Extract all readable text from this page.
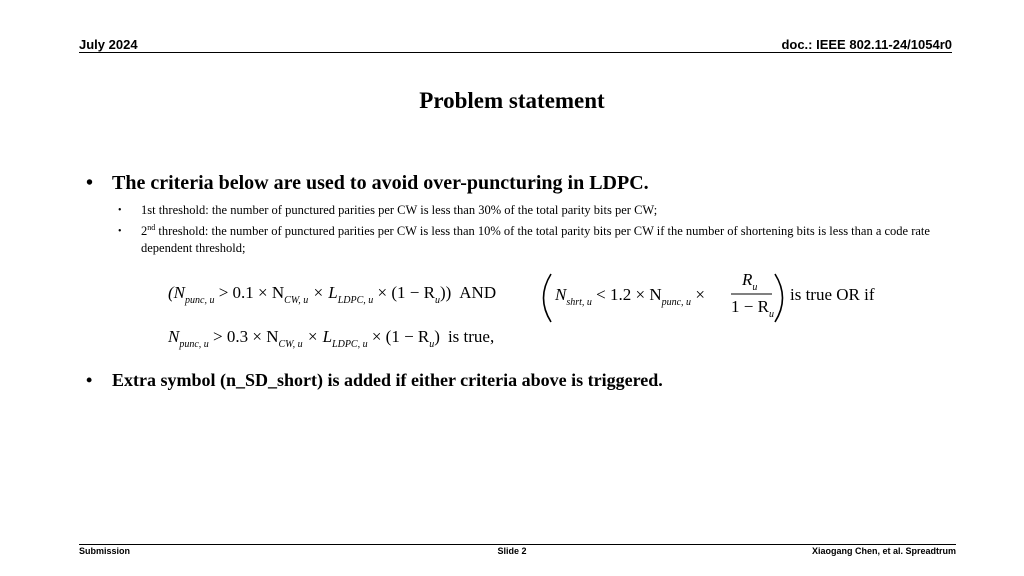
July 2024	doc.: IEEE 802.11-24/1054r0
Problem statement
• The criteria below are used to avoid over-puncturing in LDPC.
• 1st threshold: the number of punctured parities per CW is less than 30% of the total parity bits per CW;
• 2nd threshold: the number of punctured parities per CW is less than 10% of the total parity bits per CW if the number of shortening bits is less than a code rate dependent threshold;
$(N_{punc, u} > 0.1 \times N_{CW, u} \times L_{LDPC, u} \times (1 - R_u))$ AND	$N_{shrt, u} < 1.2 \times N_{punc, u}$ ×
$R_u$
$1 - R_u$
is true OR if
$N_{punc, u} > 0.3 \times N_{CW, u} \times L_{LDPC, u} \times (1 - R_u)$ is true,
• Extra symbol (n_SD_short) is added if either criteria above is triggered.
Submission	Slide 2	Xiaogang Chen, et al. Spreadtrum
